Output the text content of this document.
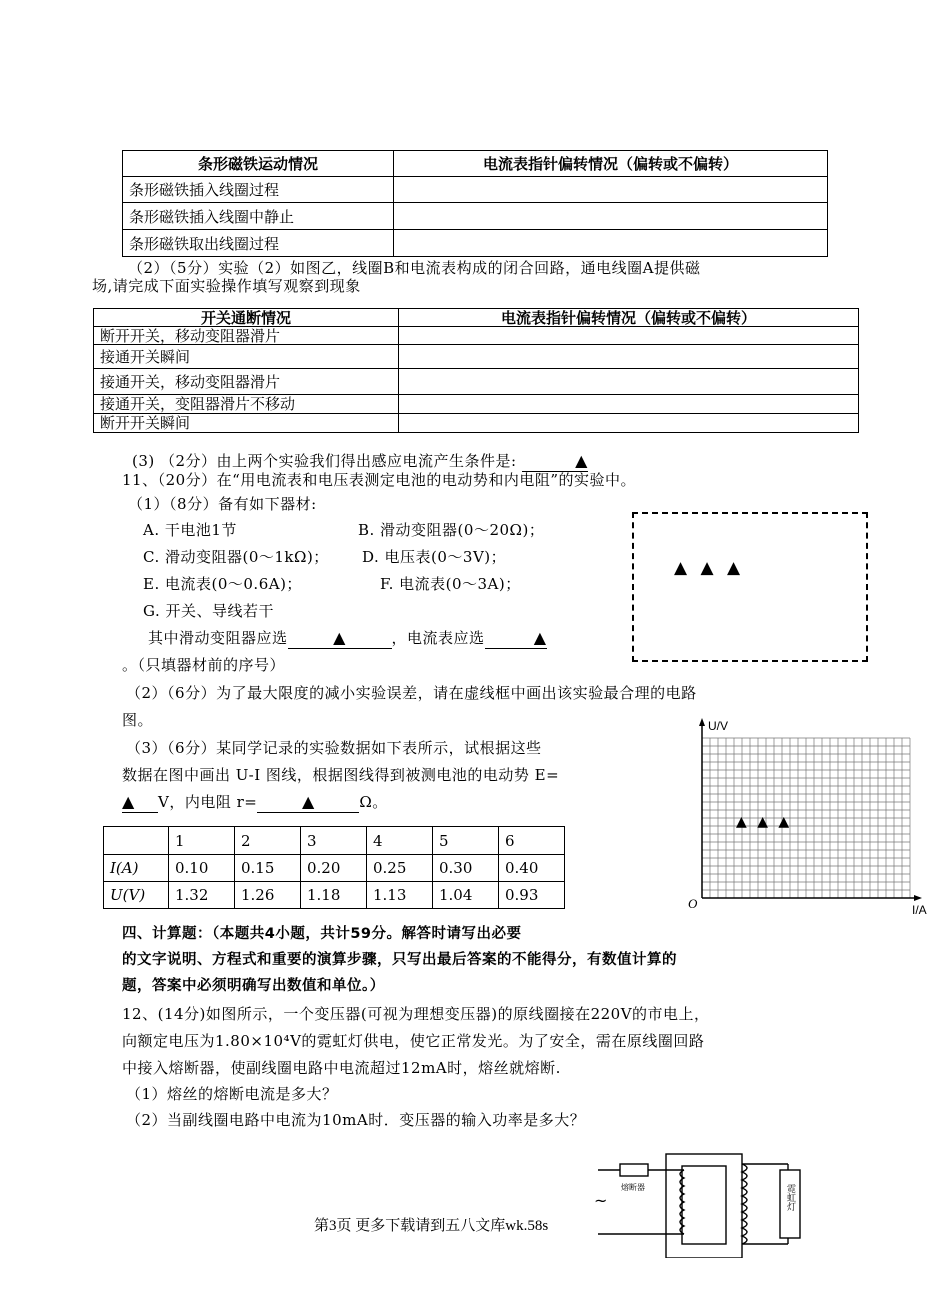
条形磁铁运动情况	电流表指针偏转情况（偏转或不偏转）
条形磁铁插入线圈过程	
条形磁铁插入线圈中静止	
条形磁铁取出线圈过程	
（2）（5分）实验（2）如图乙，线圈B和电流表构成的闭合回路，通电线圈A提供磁
场,请完成下面实验操作填写观察到现象
开关通断情况	电流表指针偏转情况（偏转或不偏转）
断开开关，移动变阻器滑片	
接通开关瞬间	
接通开关，移动变阻器滑片	
接通开关，变阻器滑片不移动	
断开开关瞬间	
(3) （2分）由上两个实验我们得出感应电流产生条件是:	▲
11、（20分）在“用电流表和电压表测定电池的电动势和内电阻”的实验中。
（1）（8分）备有如下器材:
A. 干电池1节	B. 滑动变阻器(0～20Ω)；
C. 滑动变阻器(0～1kΩ)； D. 电压表(0～3V)；
E. 电流表(0～0.6A)；	F. 电流表(0～3A)；
G. 开关、导线若干
其中滑动变阻器应选	▲	，电流表应选	▲
。（只填器材前的序号）
▲ ▲ ▲
（2）（6分）为了最大限度的减小实验误差，请在虚线框中画出该实验最合理的电路
图。
（3）（6分）某同学记录的实验数据如下表所示，试根据这些
数据在图中画出 U-I 图线，根据图线得到被测电池的电动势 E=
▲ V，内电阻 r=	▲	Ω。
	1	2	3	4	5	6
I(A)	0.10	0.15	0.20	0.25	0.30	0.40
U(V)	1.32	1.26	1.18	1.13	1.04	0.93
U/V
I/A
O
▲ ▲ ▲
四、计算题：（本题共4小题，共计59分。解答时请写出必要
的文字说明、方程式和重要的演算步骤，只写出最后答案的不能得分，有数值计算的
题，答案中必须明确写出数值和单位。）
12、(14分)如图所示，一个变压器(可视为理想变压器)的原线圈接在220V的市电上，
向额定电压为1.80×10⁴V的霓虹灯供电，使它正常发光。为了安全，需在原线圈回路
中接入熔断器，使副线圈电路中电流超过12mA时，熔丝就熔断.
（1）熔丝的熔断电流是多大？
（2）当副线圈电路中电流为10mA时．变压器的输入功率是多大？
熔断器
~	霓虹灯
第3页 更多下载请到五八文库wk.58s
